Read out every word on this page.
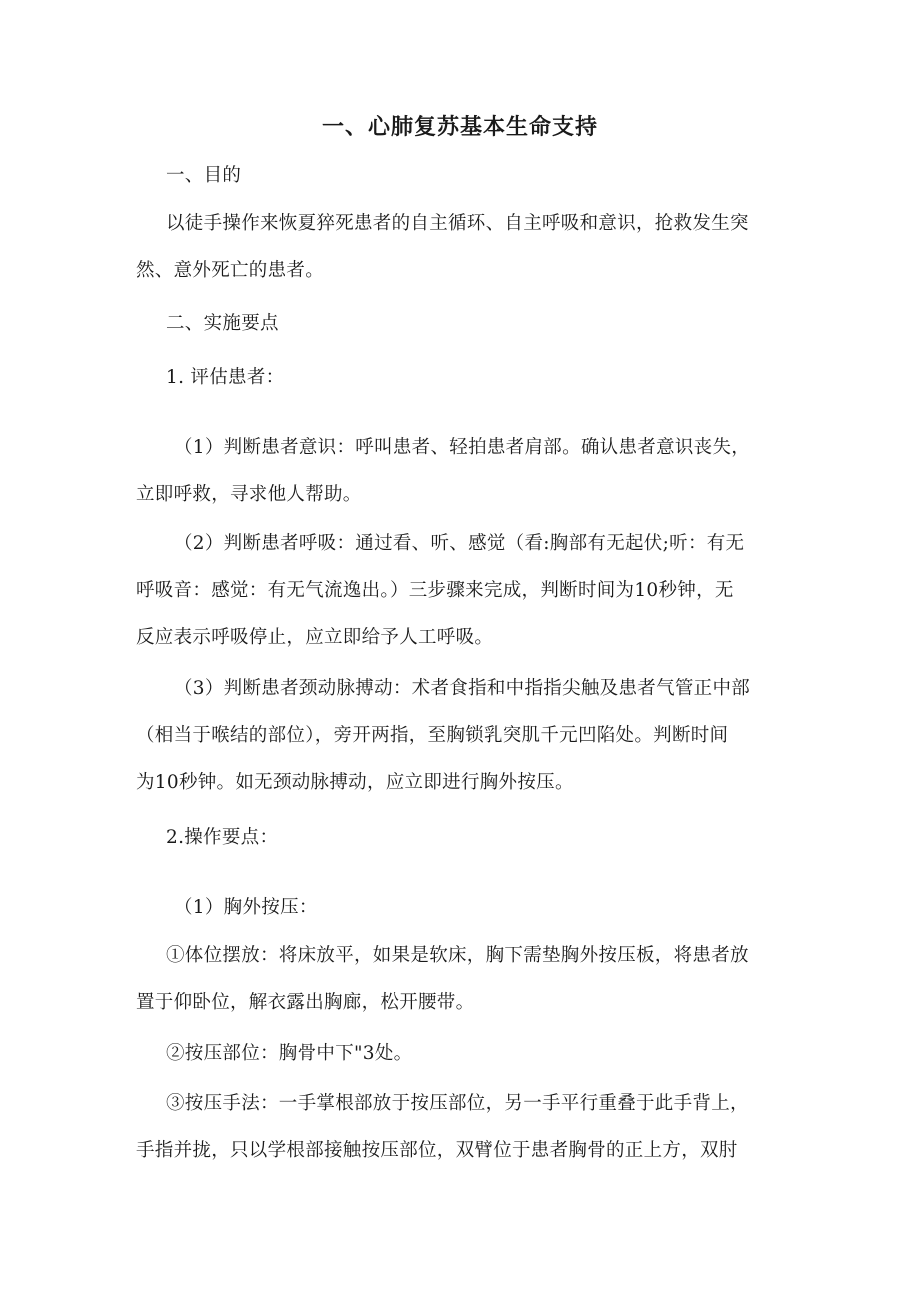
一、心肺复苏基本生命支持
一、目的
以徒手操作来恢夏猝死患者的自主循环、自主呼吸和意识，抢救发生突
然、意外死亡的患者。
二、实施要点
1. 评估患者：
（1）判断患者意识：呼叫患者、轻拍患者肩部。确认患者意识丧失，
立即呼救，寻求他人帮助。
（2）判断患者呼吸：通过看、听、感觉（看:胸部有无起伏;听：有无
呼吸音：感觉：有无气流逸出。）三步骤来完成，判断时间为10秒钟，无
反应表示呼吸停止，应立即给予人工呼吸。
（3）判断患者颈动脉搏动：术者食指和中指指尖触及患者气管正中部
（相当于喉结的部位），旁开两指，至胸锁乳突肌千元凹陷处。判断时间
为10秒钟。如无颈动脉搏动，应立即进行胸外按压。
2.操作要点：
（1）胸外按压：
①体位摆放：将床放平，如果是软床，胸下需垫胸外按压板，将患者放
置于仰卧位，解衣露出胸廊，松开腰带。
②按压部位：胸骨中下"3处。
③按压手法：一手掌根部放于按压部位，另一手平行重叠于此手背上，
手指并拢，只以学根部接触按压部位，双臂位于患者胸骨的正上方，双肘
